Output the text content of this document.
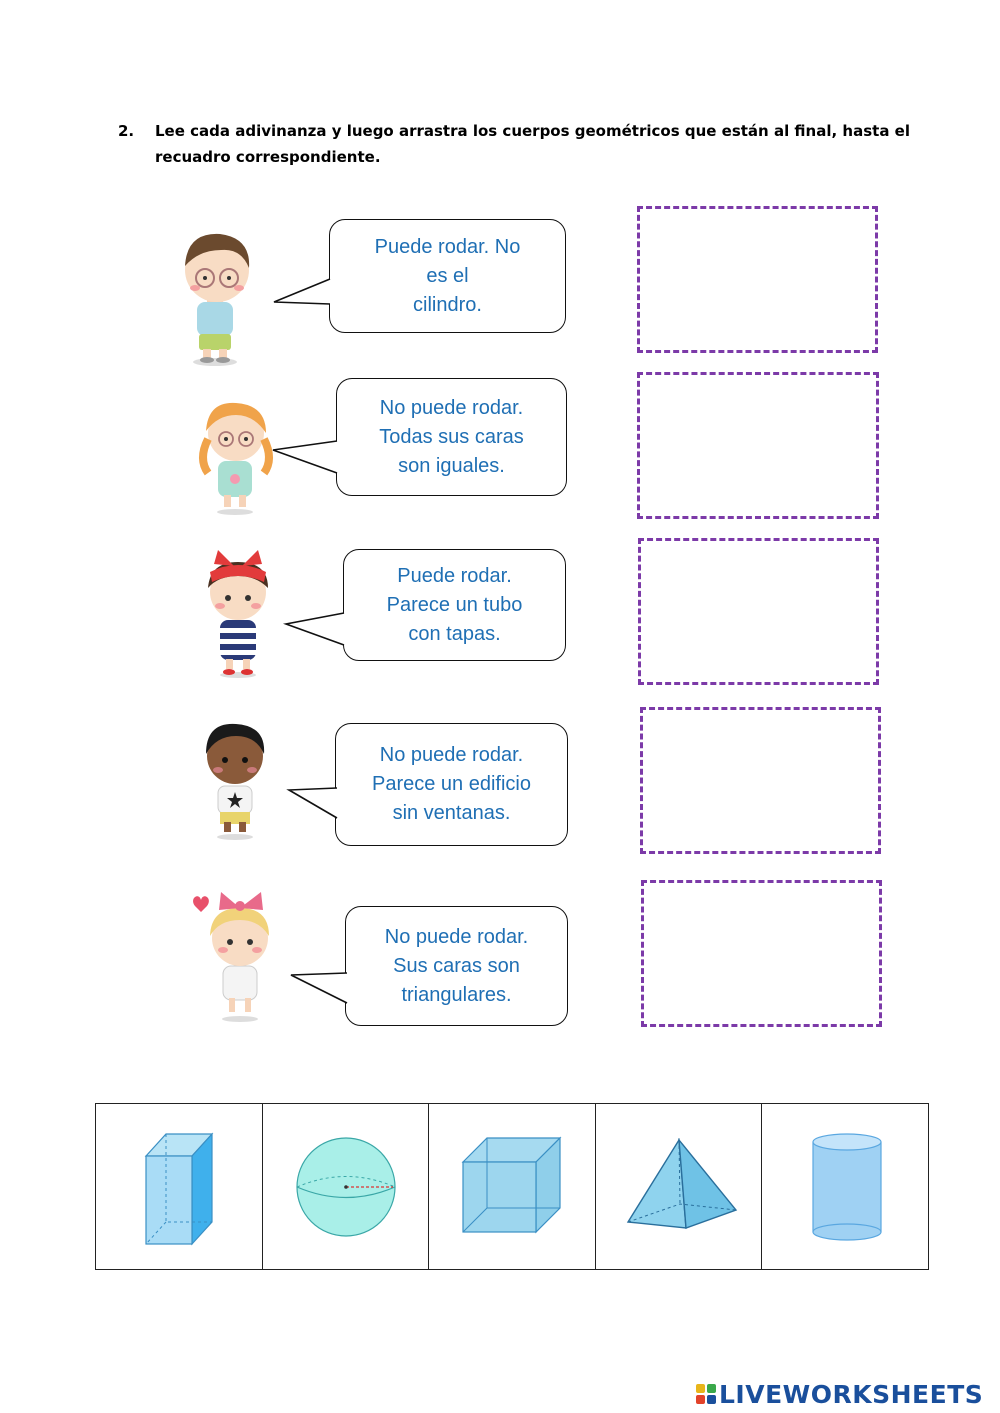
2. Lee cada adivinanza y luego arrastra los cuerpos geométricos que están al final, hasta el recuadro correspondiente.
Puede rodar. No
es el
cilindro.
No puede rodar.
Todas sus caras
son iguales.
Puede rodar.
Parece un tubo
con tapas.
No puede rodar.
Parece un edificio
sin ventanas.
No puede rodar.
Sus caras son
triangulares.
LIVEWORKSHEETS
